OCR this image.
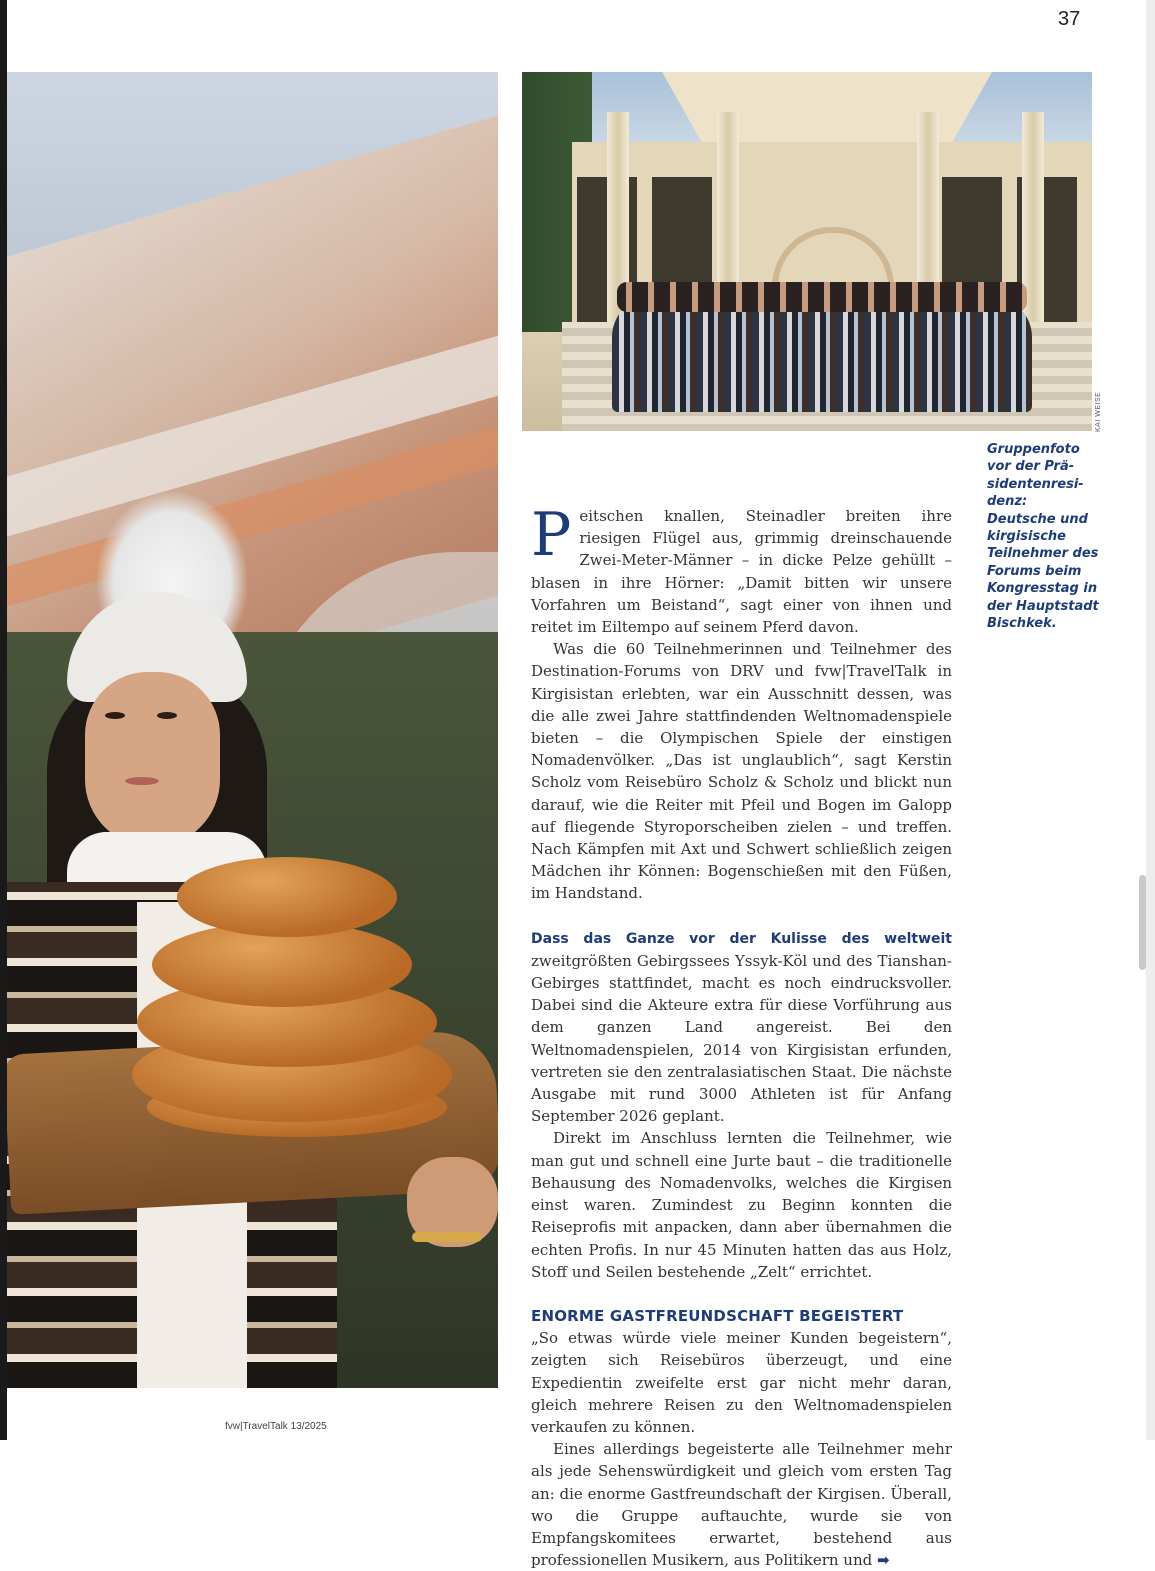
37
KAI WEISE

Gruppenfoto vor der Präsidentenresidenz: Deutsche und kirgisische Teilnehmer des Forums beim Kongresstag in der Hauptstadt Bischkek.

Peitschen knallen, Steinadler breiten ihre riesigen Flügel aus, grimmig dreinschauende Zwei-Meter-Männer – in dicke Pelze gehüllt – blasen in ihre Hörner: „Damit bitten wir unsere Vorfahren um Beistand“, sagt einer von ihnen und reitet im Eiltempo auf seinem Pferd davon.

Was die 60 Teilnehmerinnen und Teilnehmer des Destination-Forums von DRV und fvw|TravelTalk in Kirgisistan erlebten, war ein Ausschnitt dessen, was die alle zwei Jahre stattfindenden Weltnomadenspiele bieten – die Olympischen Spiele der einstigen Nomadenvölker. „Das ist unglaublich“, sagt Kerstin Scholz vom Reisebüro Scholz & Scholz und blickt nun darauf, wie die Reiter mit Pfeil und Bogen im Galopp auf fliegende Styroporscheiben zielen – und treffen. Nach Kämpfen mit Axt und Schwert schließlich zeigen Mädchen ihr Können: Bogenschießen mit den Füßen, im Handstand.

Dass das Ganze vor der Kulisse des weltweit zweitgrößten Gebirgssees Yssyk-Köl und des Tianshan-Gebirges stattfindet, macht es noch eindrucksvoller. Dabei sind die Akteure extra für diese Vorführung aus dem ganzen Land angereist. Bei den Weltnomadenspielen, 2014 von Kirgisistan erfunden, vertreten sie den zentralasiatischen Staat. Die nächste Ausgabe mit rund 3000 Athleten ist für Anfang September 2026 geplant.

Direkt im Anschluss lernten die Teilnehmer, wie man gut und schnell eine Jurte baut – die traditionelle Behausung des Nomadenvolks, welches die Kirgisen einst waren. Zumindest zu Beginn konnten die Reiseprofis mit anpacken, dann aber übernahmen die echten Profis. In nur 45 Minuten hatten das aus Holz, Stoff und Seilen bestehende „Zelt“ errichtet.

ENORME GASTFREUNDSCHAFT BEGEISTERT

„So etwas würde viele meiner Kunden begeistern“, zeigten sich Reisebüros überzeugt, und eine Expedientin zweifelte erst gar nicht mehr daran, gleich mehrere Reisen zu den Weltnomadenspielen verkaufen zu können.

Eines allerdings begeisterte alle Teilnehmer mehr als jede Sehenswürdigkeit und gleich vom ersten Tag an: die enorme Gastfreundschaft der Kirgisen. Überall, wo die Gruppe auftauchte, wurde sie von Empfangskomitees erwartet, bestehend aus professionellen Musikern, aus Politikern und ➡

fvw|TravelTalk 13/2025
